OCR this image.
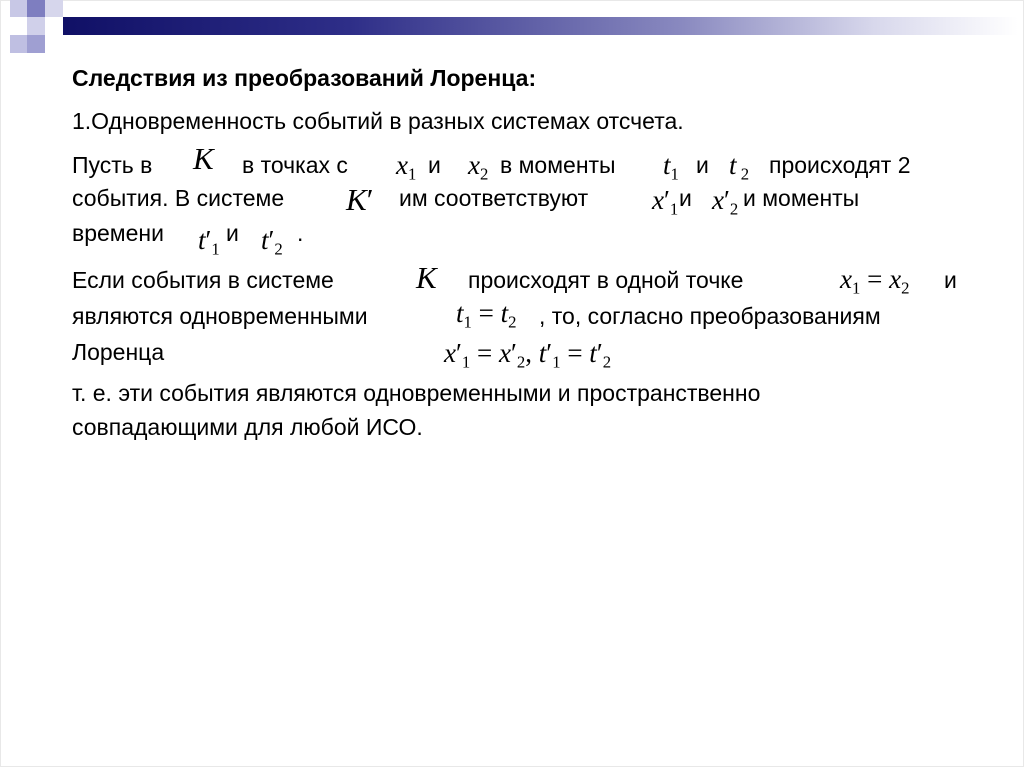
Следствия из преобразований Лоренца:
1.Одновременность событий в разных системах отсчета.
Пусть в K в точках с $x_1$ и $x_2$ в моменты $t_1$ и t $_2$ происходят 2
события. В системе K′ им соответствуют $x'_1$ и $x'_2$ и моменты
времени $t'_1$
и $t'_2$
.
Если события в системе	K происходят в одной точке	$x_1 = x_2$ и
являются одновременными	$t_1 = t_2$ , то, согласно преобразованиям
Лоренца	$x'_1 = x'_2$, $t'_1 = t'_2$
т. е. эти события являются одновременными и пространственно
совпадающими для любой ИСО.
